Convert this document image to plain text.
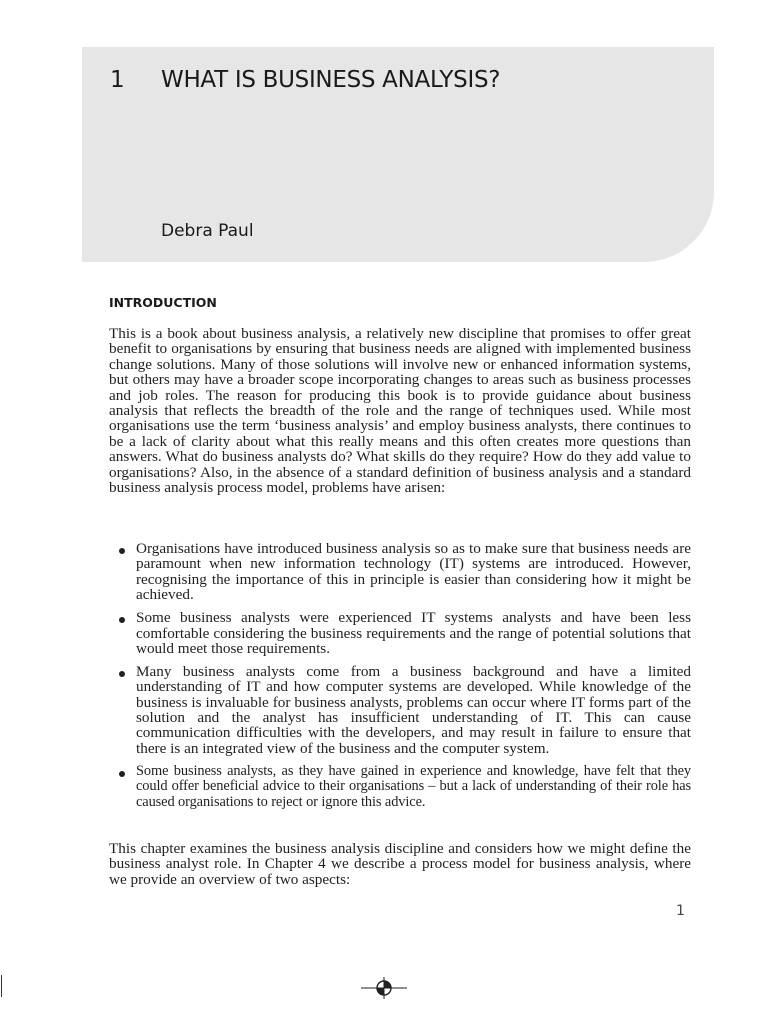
1 WHAT IS BUSINESS ANALYSIS?
Debra Paul
INTRODUCTION

This is a book about business analysis, a relatively new discipline that promises to offer great benefit to organisations by ensuring that business needs are aligned with implemented business change solutions. Many of those solutions will involve new or enhanced information systems, but others may have a broader scope incorporating changes to areas such as business processes and job roles. The reason for producing this book is to provide guidance about business analysis that reflects the breadth of the role and the range of techniques used. While most organisations use the term ‘business analysis’ and employ business analysts, there continues to be a lack of clarity about what this really means and this often creates more questions than answers. What do business analysts do? What skills do they require? How do they add value to organisations? Also, in the absence of a standard definition of business analysis and a standard business analysis process model, problems have arisen:

Organisations have introduced business analysis so as to make sure that business needs are paramount when new information technology (IT) systems are introduced. However, recognising the importance of this in principle is easier than considering how it might be achieved.
Some business analysts were experienced IT systems analysts and have been less comfortable considering the business requirements and the range of potential solutions that would meet those requirements.
Many business analysts come from a business background and have a limited understanding of IT and how computer systems are developed. While knowledge of the business is invaluable for business analysts, problems can occur where IT forms part of the solution and the analyst has insufficient understanding of IT. This can cause communication difficulties with the developers, and may result in failure to ensure that there is an integrated view of the business and the computer system.
Some business analysts, as they have gained in experience and knowledge, have felt that they could offer beneficial advice to their organisations – but a lack of understanding of their role has caused organisations to reject or ignore this advice.

This chapter examines the business analysis discipline and considers how we might define the business analyst role. In Chapter 4 we describe a process model for business analysis, where we provide an overview of two aspects:

1
